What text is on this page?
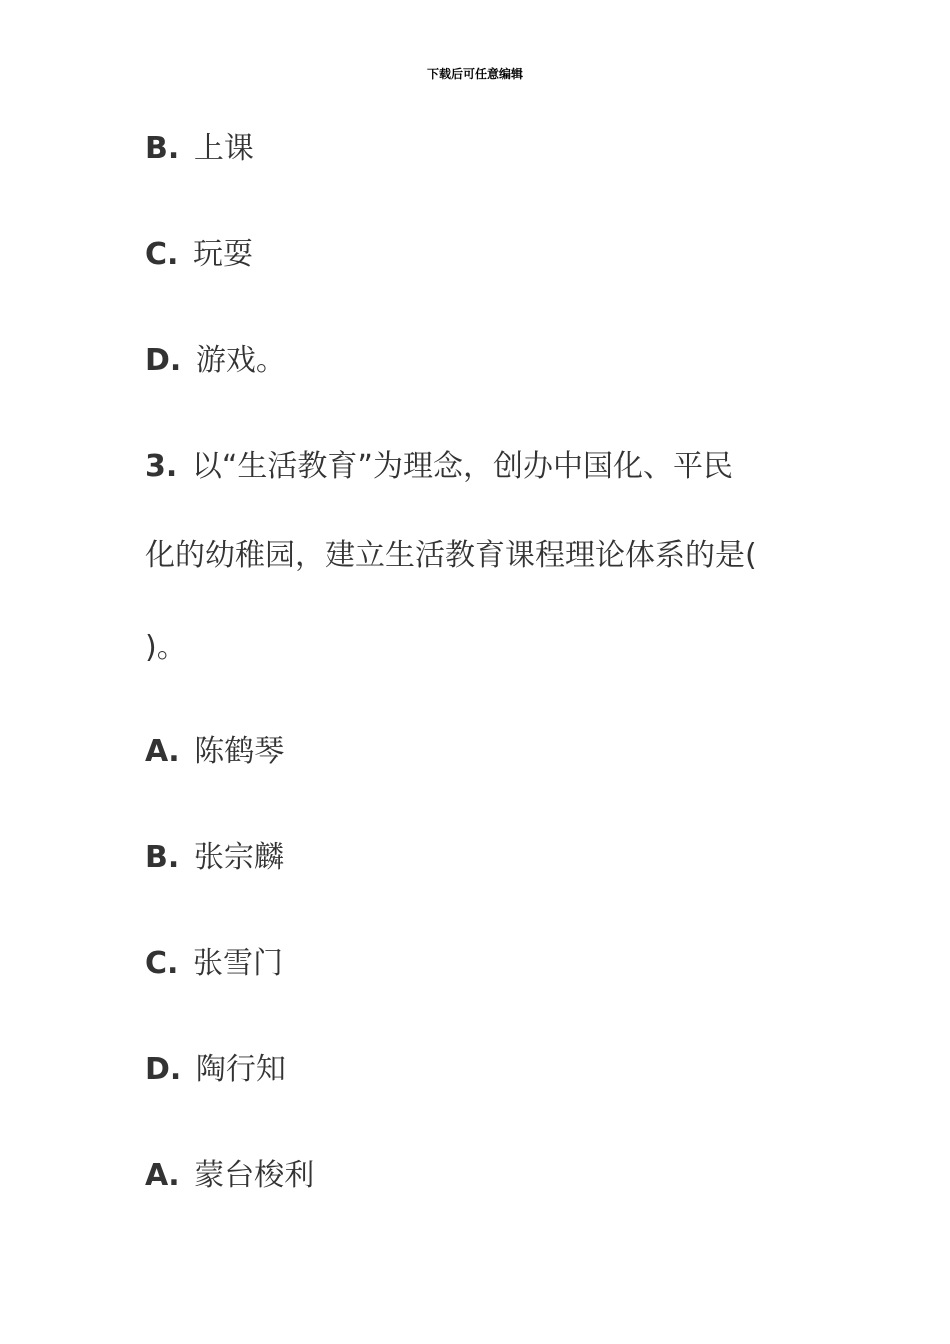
下载后可任意编辑
B. 上课
C. 玩耍
D. 游戏。
3. 以“生活教育”为理念，创办中国化、平民
化的幼稚园，建立生活教育课程理论体系的是(
)。
A. 陈鹤琴
B. 张宗麟
C. 张雪门
D. 陶行知
A. 蒙台梭利
